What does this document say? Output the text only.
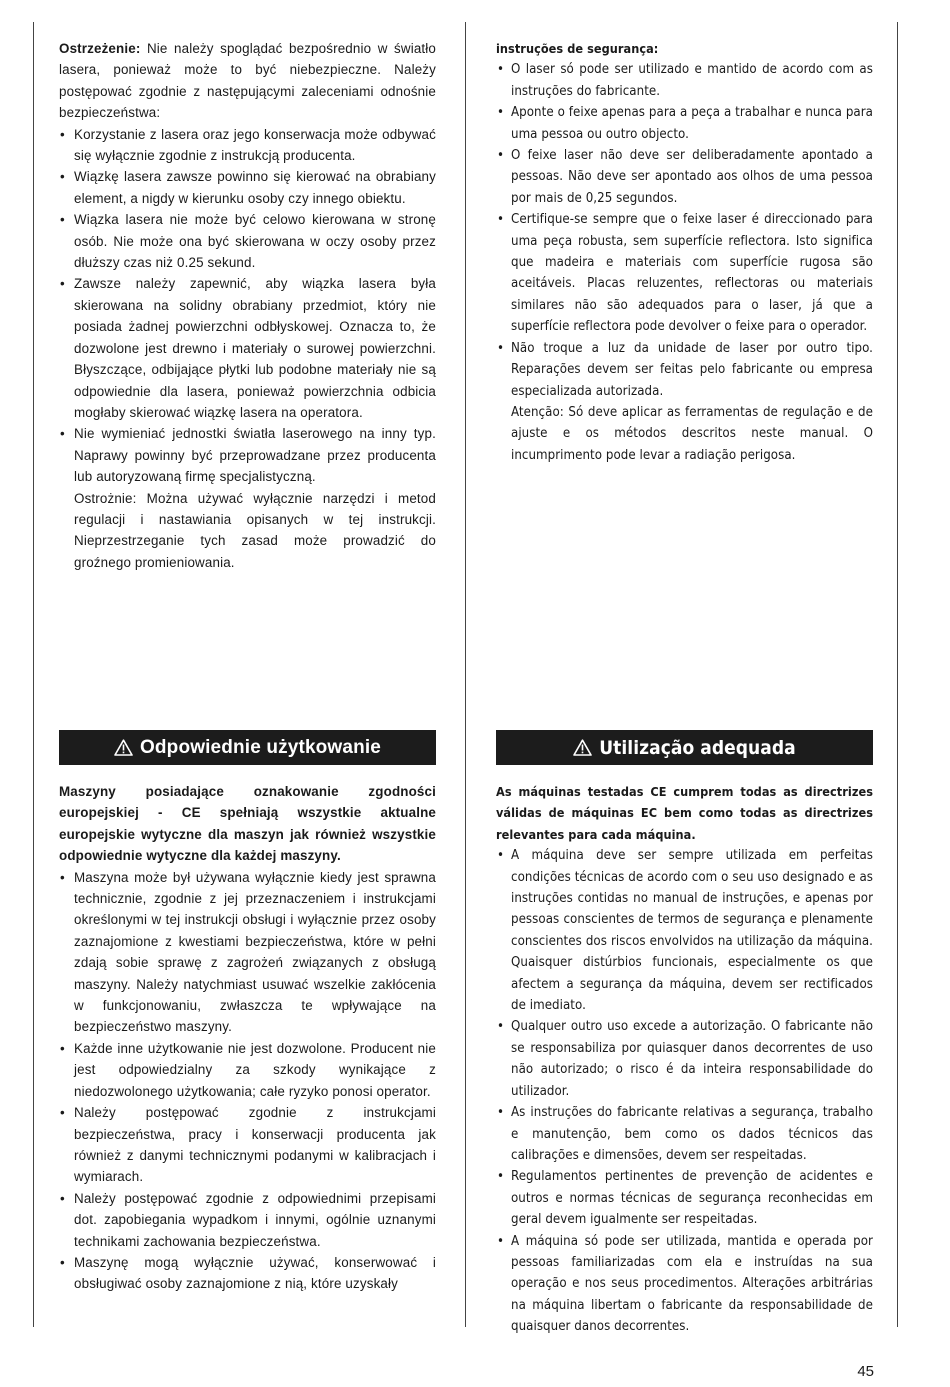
Ostrzeżenie: Nie należy spoglądać bezpośrednio w światło lasera, ponieważ może to być niebezpieczne. Należy postępować zgodnie z następującymi zaleceniami odnośnie bezpieczeństwa:

• Korzystanie z lasera oraz jego konserwacja może odbywać się wyłącznie zgodnie z instrukcją producenta.
• Wiązkę lasera zawsze powinno się kierować na obrabiany element, a nigdy w kierunku osoby czy innego obiektu.
• Wiązka lasera nie może być celowo kierowana w stronę osób. Nie może ona być skierowana w oczy osoby przez dłuższy czas niż 0.25 sekund.
• Zawsze należy zapewnić, aby wiązka lasera była skierowana na solidny obrabiany przedmiot, który nie posiada żadnej powierzchni odbłyskowej. Oznacza to, że dozwolone jest drewno i materiały o surowej powierzchni. Błyszczące, odbijające płytki lub podobne materiały nie są odpowiednie dla lasera, ponieważ powierzchnia odbicia mogłaby skierować wiązkę lasera na operatora.
• Nie wymieniać jednostki światła laserowego na inny typ. Naprawy powinny być przeprowadzane przez producenta lub autoryzowaną firmę specjalistyczną.
Ostrożnie: Można używać wyłącznie narzędzi i metod regulacji i nastawiania opisanych w tej instrukcji. Nieprzestrzeganie tych zasad może prowadzić do groźnego promieniowania.

instruções de segurança:

• O laser só pode ser utilizado e mantido de acordo com as instruções do fabricante.
• Aponte o feixe apenas para a peça a trabalhar e nunca para uma pessoa ou outro objecto.
• O feixe laser não deve ser deliberadamente apontado a pessoas. Não deve ser apontado aos olhos de uma pessoa por mais de 0,25 segundos.
• Certifique-se sempre que o feixe laser é direccionado para uma peça robusta, sem superfície reflectora. Isto significa que madeira e materiais com superfície rugosa são aceitáveis. Placas reluzentes, reflectoras ou materiais similares não são adequados para o laser, já que a superfície reflectora pode devolver o feixe para o operador.
• Não troque a luz da unidade de laser por outro tipo. Reparações devem ser feitas pelo fabricante ou empresa especializada autorizada.
Atenção: Só deve aplicar as ferramentas de regulação e de ajuste e os métodos descritos neste manual. O incumprimento pode levar a radiação perigosa.
Odpowiednie użytkowanie	Utilização adequada

Maszyny posiadające oznakowanie zgodności europejskiej - CE spełniają wszystkie aktualne europejskie wytyczne dla maszyn jak również wszystkie odpowiednie wytyczne dla każdej maszyny.

• Maszyna może był używana wyłącznie kiedy jest sprawna technicznie, zgodnie z jej przeznaczeniem i instrukcjami określonymi w tej instrukcji obsługi i wyłącznie przez osoby zaznajomione z kwestiami bezpieczeństwa, które w pełni zdają sobie sprawę z zagrożeń związanych z obsługą maszyny. Należy natychmiast usuwać wszelkie zakłócenia w funkcjonowaniu, zwłaszcza te wpływające na bezpieczeństwo maszyny.
• Każde inne użytkowanie nie jest dozwolone. Producent nie jest odpowiedzialny za szkody wynikające z niedozwolonego użytkowania; całe ryzyko ponosi operator.
• Należy postępować zgodnie z instrukcjami bezpieczeństwa, pracy i konserwacji producenta jak również z danymi technicznymi podanymi w kalibracjach i wymiarach.
• Należy postępować zgodnie z odpowiednimi przepisami dot. zapobiegania wypadkom i innymi, ogólnie uznanymi technikami zachowania bezpieczeństwa.
• Maszynę mogą wyłącznie używać, konserwować i obsługiwać osoby zaznajomione z nią, które uzyskały

As máquinas testadas CE cumprem todas as directrizes válidas de máquinas EC bem como todas as directrizes relevantes para cada máquina.

• A máquina deve ser sempre utilizada em perfeitas condições técnicas de acordo com o seu uso designado e as instruções contidas no manual de instruções, e apenas por pessoas conscientes de termos de segurança e plenamente conscientes dos riscos envolvidos na utilização da máquina. Quaisquer distúrbios funcionais, especialmente os que afectem a segurança da máquina, devem ser rectificados de imediato.
• Qualquer outro uso excede a autorização. O fabricante não se responsabiliza por quiasquer danos decorrentes de uso não autorizado; o risco é da inteira responsabilidade do utilizador.
• As instruções do fabricante relativas a segurança, trabalho e manutenção, bem como os dados técnicos das calibrações e dimensões, devem ser respeitadas.
• Regulamentos pertinentes de prevenção de acidentes e outros e normas técnicas de segurança reconhecidas em geral devem igualmente ser respeitadas.
• A máquina só pode ser utilizada, mantida e operada por pessoas familiarizadas com ela e instruídas na sua operação e nos seus procedimentos. Alterações arbitrárias na máquina libertam o fabricante da responsabilidade de quaisquer danos decorrentes.
45
